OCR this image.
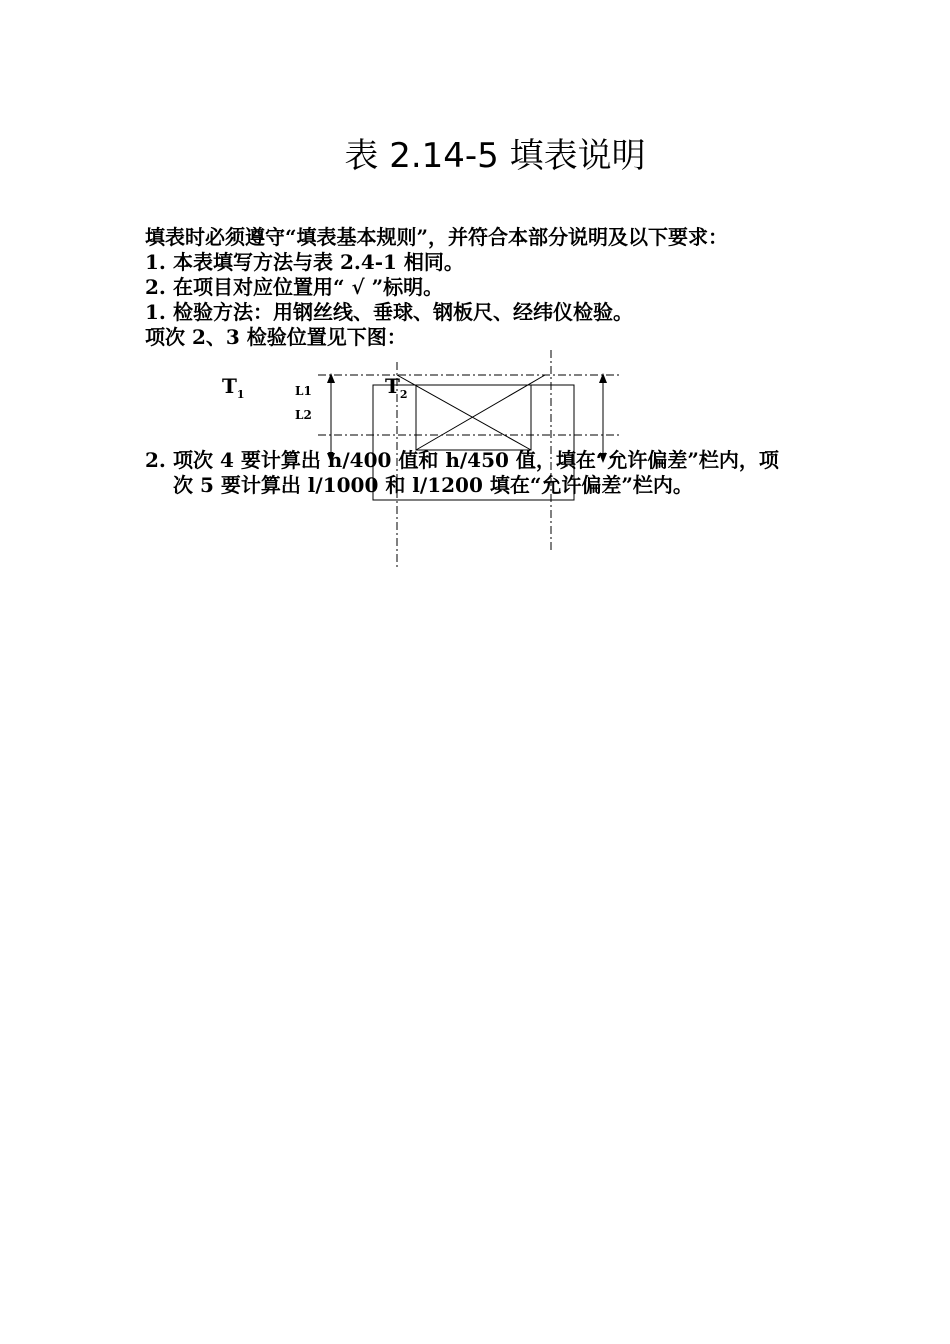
表 2.14-5 填表说明
填表时必须遵守“填表基本规则”，并符合本部分说明及以下要求：
1. 本表填写方法与表 2.4-1 相同。
2. 在项目对应位置用“ √ ”标明。
1. 检验方法：用钢丝线、垂球、钢板尺、经纬仪检验。
项次 2、3 检验位置见下图：
$T_1$	$T_2$
L1
L2
2. 项次 4 要计算出 h/400 值和 h/450 值，填在“允许偏差”栏内，项
次 5 要计算出 l/1000 和 l/1200 填在“允许偏差”栏内。
